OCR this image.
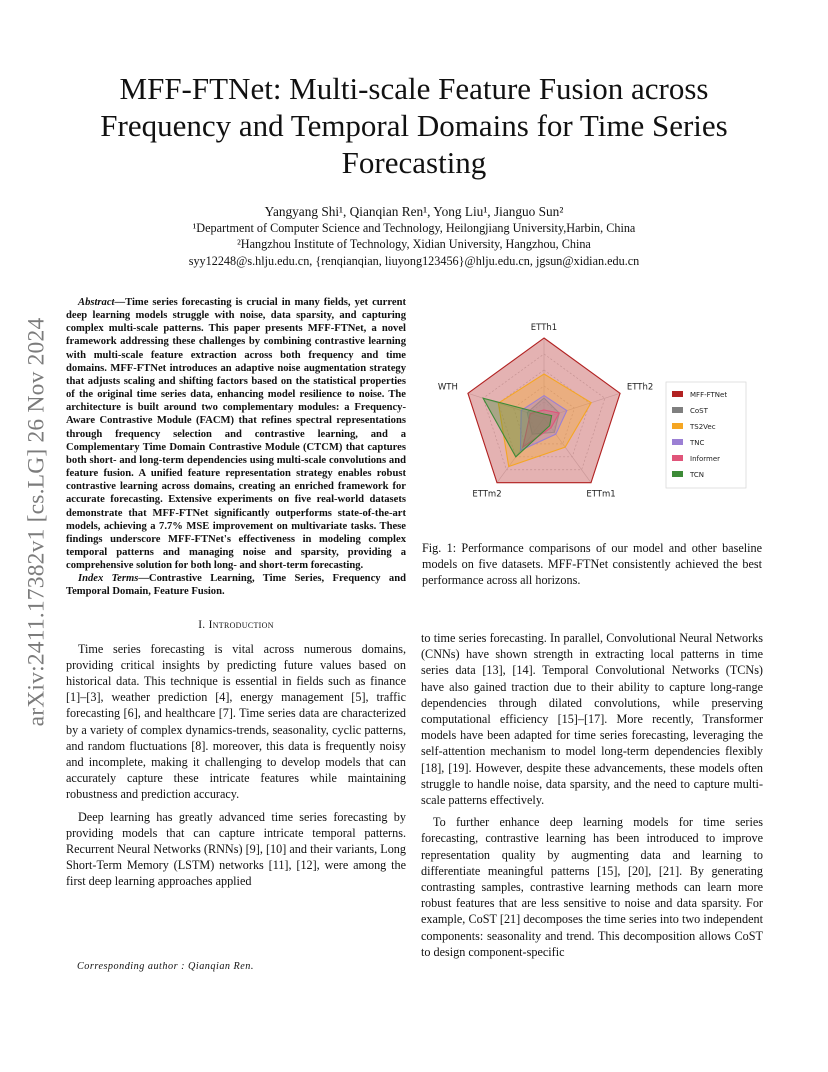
arXiv:2411.17382v1 [cs.LG] 26 Nov 2024
MFF-FTNet: Multi-scale Feature Fusion across Frequency and Temporal Domains for Time Series Forecasting
Yangyang Shi¹, Qianqian Ren¹, Yong Liu¹, Jianguo Sun²
¹Department of Computer Science and Technology, Heilongjiang University,Harbin, China
²Hangzhou Institute of Technology, Xidian University, Hangzhou, China
syy12248@s.hlju.edu.cn, {renqianqian, liuyong123456}@hlju.edu.cn, jgsun@xidian.edu.cn

Abstract—Time series forecasting is crucial in many fields, yet current deep learning models struggle with noise, data sparsity, and capturing complex multi-scale patterns. This paper presents MFF-FTNet, a novel framework addressing these challenges by combining contrastive learning with multi-scale feature extraction across both frequency and time domains. MFF-FTNet introduces an adaptive noise augmentation strategy that adjusts scaling and shifting factors based on the statistical properties of the original time series data, enhancing model resilience to noise. The architecture is built around two complementary modules: a Frequency-Aware Contrastive Module (FACM) that refines spectral representations through frequency selection and contrastive learning, and a Complementary Time Domain Contrastive Module (CTCM) that captures both short- and long-term dependencies using multi-scale convolutions and feature fusion. A unified feature representation strategy enables robust contrastive learning across domains, creating an enriched framework for accurate forecasting. Extensive experiments on five real-world datasets demonstrate that MFF-FTNet significantly outperforms state-of-the-art models, achieving a 7.7% MSE improvement on multivariate tasks. These findings underscore MFF-FTNet's effectiveness in modeling complex temporal patterns and managing noise and sparsity, providing a comprehensive solution for both long- and short-term forecasting.

Index Terms—Contrastive Learning, Time Series, Frequency and Temporal Domain, Feature Fusion.

I. Introduction

Time series forecasting is vital across numerous domains, providing critical insights by predicting future values based on historical data. This technique is essential in fields such as finance [1]–[3], weather prediction [4], energy management [5], traffic forecasting [6], and healthcare [7]. Time series data are characterized by a variety of complex dynamics-trends, seasonality, cyclic patterns, and random fluctuations [8]. moreover, this data is frequently noisy and incomplete, making it challenging to develop models that can accurately capture these intricate features while maintaining robustness and prediction accuracy.

Deep learning has greatly advanced time series forecasting by providing models that can capture intricate temporal patterns. Recurrent Neural Networks (RNNs) [9], [10] and their variants, Long Short-Term Memory (LSTM) networks [11], [12], were among the first deep learning approaches applied

Corresponding author : Qianqian Ren.
ETTh1
ETTh2
ETTm1
ETTm2
WTH
MFF-FTNet
CoST
TS2Vec
TNC
Informer
TCN
Fig. 1: Performance comparisons of our model and other baseline models on five datasets. MFF-FTNet consistently achieved the best performance across all horizons.

to time series forecasting. In parallel, Convolutional Neural Networks (CNNs) have shown strength in extracting local patterns in time series data [13], [14]. Temporal Convolutional Networks (TCNs) have also gained traction due to their ability to capture long-range dependencies through dilated convolutions, while preserving computational efficiency [15]–[17]. More recently, Transformer models have been adapted for time series forecasting, leveraging the self-attention mechanism to model long-term dependencies flexibly [18], [19]. However, despite these advancements, these models often struggle to handle noise, data sparsity, and the need to capture multi-scale patterns effectively.

To further enhance deep learning models for time series forecasting, contrastive learning has been introduced to improve representation quality by augmenting data and learning to differentiate meaningful patterns [15], [20], [21]. By generating contrasting samples, contrastive learning methods can learn more robust features that are less sensitive to noise and data sparsity. For example, CoST [21] decomposes the time series into two independent components: seasonality and trend. This decomposition allows CoST to design component-specific
